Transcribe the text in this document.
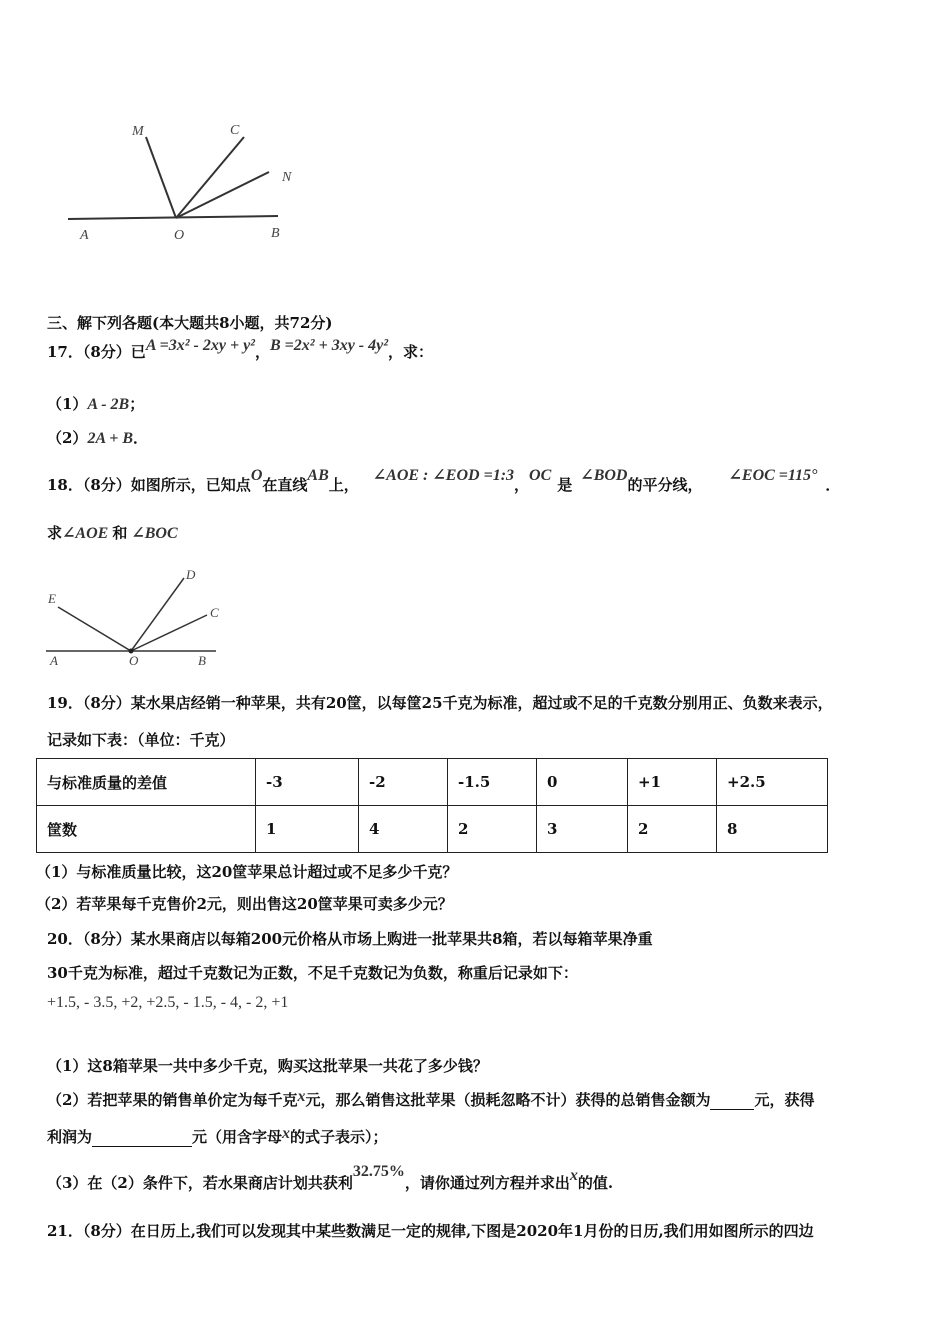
M	C
N
A	O	B
三、解下列各题(本大题共8小题，共72分)
17．（8分）已A =3x² - 2xy + y²，B =2x² + 3xy - 4y²，求：
（1）A - 2B；
（2）2A + B．
18．（8分）如图所示，已知点O在直线AB上，∠AOE : ∠EOD =1:3，OC是∠BOD的平分线，∠EOC =115°．
求∠AOE 和 ∠BOC
E
D
C
A	O	B
19．（8分）某水果店经销一种苹果，共有20筐，以每筐25千克为标准，超过或不足的千克数分别用正、负数来表示，
记录如下表：（单位：千克）
与标准质量的差值	-3	-2	-1.5	0	+1	+2.5
筐数	1	4	2	3	2	8
（1）与标准质量比较，这20筐苹果总计超过或不足多少千克？
（2）若苹果每千克售价2元，则出售这20筐苹果可卖多少元？
20．（8分）某水果商店以每箱200元价格从市场上购进一批苹果共8箱，若以每箱苹果净重
30千克为标准，超过千克数记为正数，不足千克数记为负数，称重后记录如下：
+1.5, - 3.5, +2, +2.5, - 1.5, - 4, - 2, +1
（1）这8箱苹果一共中多少千克，购买这批苹果一共花了多少钱？
（2）若把苹果的销售单价定为每千克x元，那么销售这批苹果（损耗忽略不计）获得的总销售金额为	元，获得
利润为	元（用含字母x的式子表示）；
（3）在（2）条件下，若水果商店计划共获利32.75%，请你通过列方程并求出x的值.
21．（8分）在日历上,我们可以发现其中某些数满足一定的规律,下图是2020年1月份的日历,我们用如图所示的四边
